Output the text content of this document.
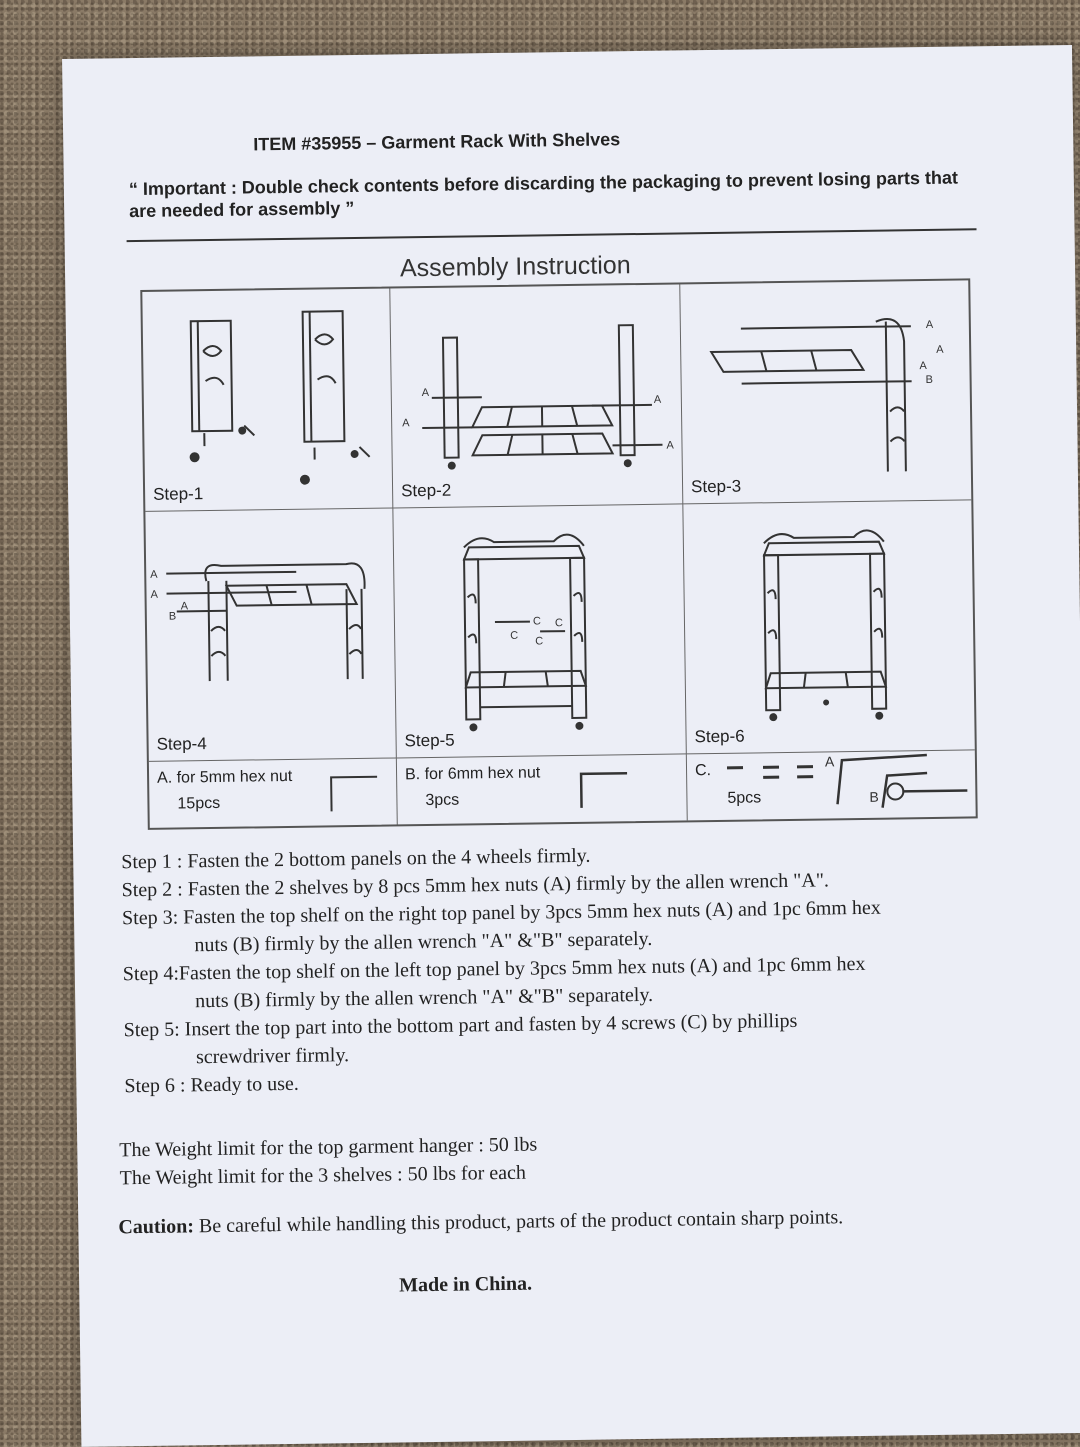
ITEM #35955 – Garment Rack With Shelves
“ Important : Double check contents before discarding the packaging to prevent losing parts that are needed for assembly ”
Assembly Instruction
Step-1
A
A
A
A
Step-2
A
A
A
B
Step-3
A
A
A
B
Step-4
C C
C C
Step-5	Step-6
A. for 5mm hex nut
15pcs
B. for 6mm hex nut
3pcs
C.
5pcs
A
B
Step 1 : Fasten the 2 bottom panels on the 4 wheels firmly.
Step 2 : Fasten the 2 shelves by 8 pcs 5mm hex nuts (A) firmly by the allen wrench "A".
Step 3: Fasten the top shelf on the right top panel by 3pcs 5mm hex nuts (A) and 1pc 6mm hex
nuts (B) firmly by the allen wrench "A" &"B" separately.
Step 4:Fasten the top shelf on the left top panel by 3pcs 5mm hex nuts (A) and 1pc 6mm hex
nuts (B) firmly by the allen wrench "A" &"B" separately.
Step 5: Insert the top part into the bottom part and fasten by 4 screws (C) by phillips
screwdriver firmly.
Step 6 : Ready to use.
The Weight limit for the top garment hanger : 50 lbs
The Weight limit for the 3 shelves : 50 lbs for each
Caution: Be careful while handling this product, parts of the product contain sharp points.
Made in China.
